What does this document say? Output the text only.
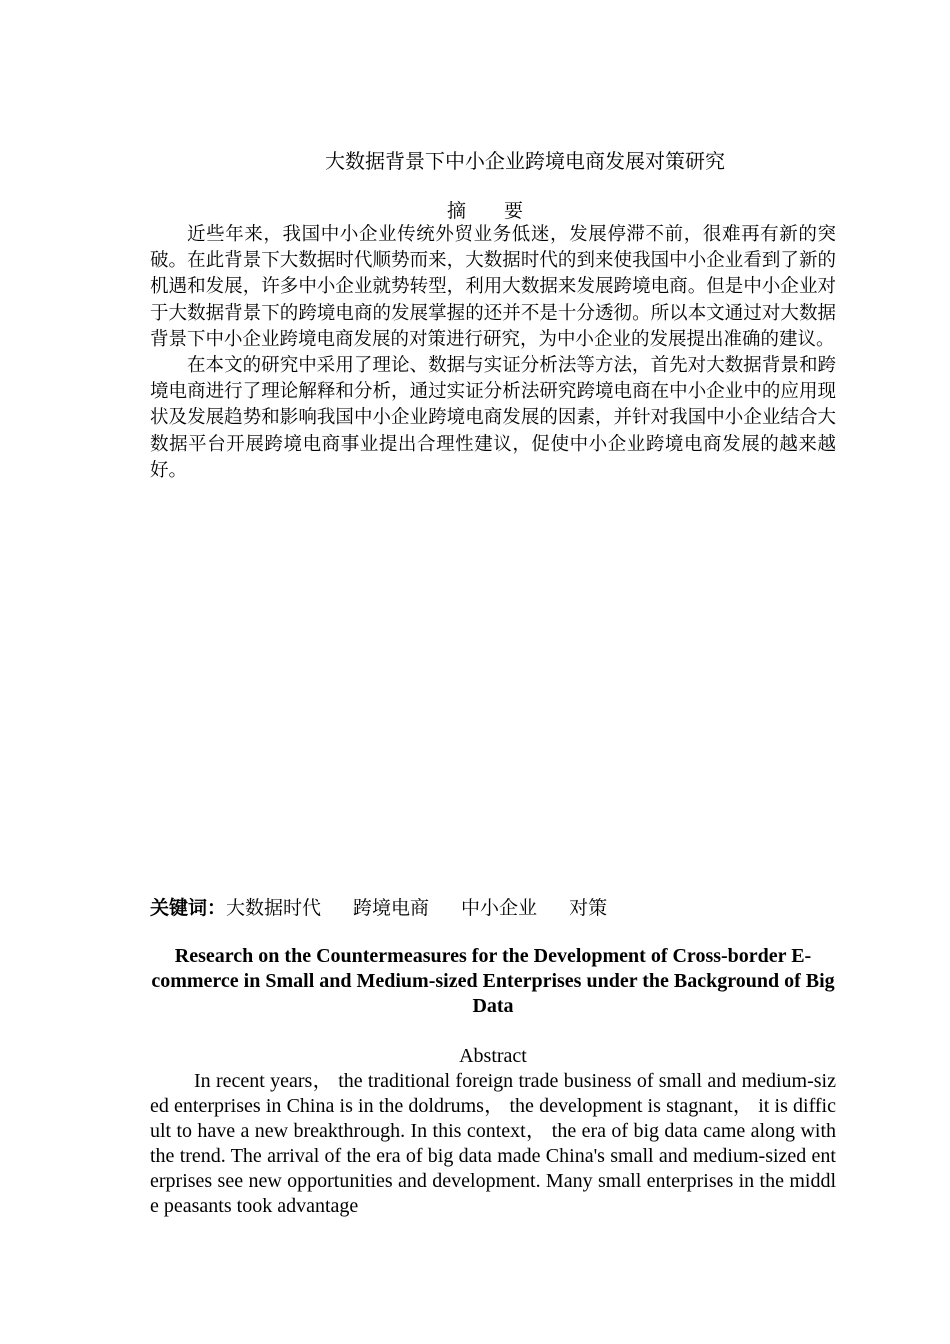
大数据背景下中小企业跨境电商发展对策研究
摘 要

近些年来，我国中小企业传统外贸业务低迷，发展停滞不前，很难再有新的突破。在此背景下大数据时代顺势而来，大数据时代的到来使我国中小企业看到了新的机遇和发展，许多中小企业就势转型，利用大数据来发展跨境电商。但是中小企业对于大数据背景下的跨境电商的发展掌握的还并不是十分透彻。所以本文通过对大数据背景下中小企业跨境电商发展的对策进行研究，为中小企业的发展提出准确的建议。

在本文的研究中采用了理论、数据与实证分析法等方法，首先对大数据背景和跨境电商进行了理论解释和分析，通过实证分析法研究跨境电商在中小企业中的应用现状及发展趋势和影响我国中小企业跨境电商发展的因素，并针对我国中小企业结合大数据平台开展跨境电商事业提出合理性建议，促使中小企业跨境电商发展的越来越好。

关键词：大数据时代 跨境电商 中小企业 对策
Research on the Countermeasures for the Development of Cross-border E-commerce in Small and Medium-sized Enterprises under the Background of Big Data
Abstract

In recent years， the traditional foreign trade business of small and medium-sized enterprises in China is in the doldrums， the development is stagnant， it is difficult to have a new breakthrough. In this context， the era of big data came along with the trend. The arrival of the era of big data made China's small and medium-sized enterprises see new opportunities and development. Many small enterprises in the middle peasants took advantage
